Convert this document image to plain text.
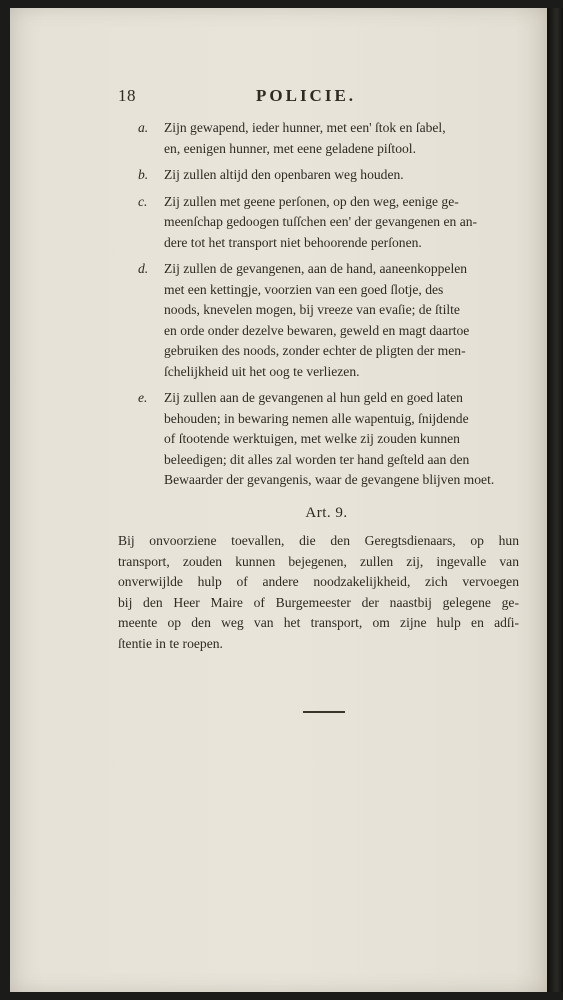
18	POLICIE.
a. Zijn gewapend, ieder hunner, met een' ſtok en ſabel,
en, eenigen hunner, met eene geladene piſtool.
b. Zij zullen altijd den openbaren weg houden.
c. Zij zullen met geene perſonen, op den weg, eenige ge-
meenſchap gedoogen tuſſchen een' der gevangenen en an-
dere tot het transport niet behoorende perſonen.
d. Zij zullen de gevangenen, aan de hand, aaneenkoppelen
met een kettingje, voorzien van een goed ſlotje, des
noods, knevelen mogen, bij vreeze van evaſie; de ſtilte
en orde onder dezelve bewaren, geweld en magt daartoe
gebruiken des noods, zonder echter de pligten der men-
ſchelijkheid uit het oog te verliezen.
e. Zij zullen aan de gevangenen al hun geld en goed laten
behouden; in bewaring nemen alle wapentuig, ſnijdende
of ſtootende werktuigen, met welke zij zouden kunnen
beleedigen; dit alles zal worden ter hand geſteld aan den
Bewaarder der gevangenis, waar de gevangene blijven moet.
Art. 9.
Bij onvoorziene toevallen, die den Geregtsdienaars, op hun
transport, zouden kunnen bejegenen, zullen zij, ingevalle van
onverwijlde hulp of andere noodzakelijkheid, zich vervoegen
bij den Heer Maire of Burgemeester der naastbij gelegene ge-
meente op den weg van het transport, om zijne hulp en adſi-
ſtentie in te roepen.
